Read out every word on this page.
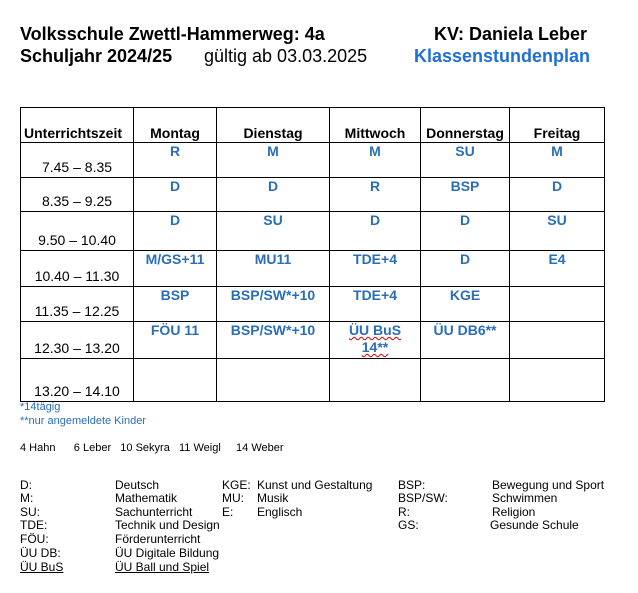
Volksschule Zwettl-Hammerweg: 4a
Schuljahr 2024/25 gültig ab 03.03.2025
KV: Daniela Leber
Klassenstundenplan
Unterrichtszeit	Montag	Dienstag	Mittwoch	Donnerstag	Freitag

7.45 – 8.35	R	M	M	SU	M

8.35 – 9.25	D	D	R	BSP	D

9.50 – 10.40	D	SU	D	D	SU

10.40 – 11.30	M/GS+11	MU11	TDE+4	D	E4

11.35 – 12.25	BSP	BSP/SW*+10	TDE+4	KGE	

12.30 – 13.20	FÖU 11	BSP/SW*+10	ÜU BuS 14**	ÜU DB6**	

13.20 – 14.10					

*14tägig
**nur angemeldete Kinder
4 Hahn      6 Leber   10 Sekyra   11 Weigl     14 Weber
D:	Deutsch
M:	Mathematik
SU:	Sachunterricht
TDE:	Technik und Design
FÖU:	Förderunterricht
ÜU DB:	ÜU Digitale Bildung
ÜU BuS	ÜU Ball und Spiel
KGE: Kunst und Gestaltung
MU: Musik
E: Englisch
BSP:	Bewegung und Sport
BSP/SW:	Schwimmen
R:	Religion
GS:	Gesunde Schule
